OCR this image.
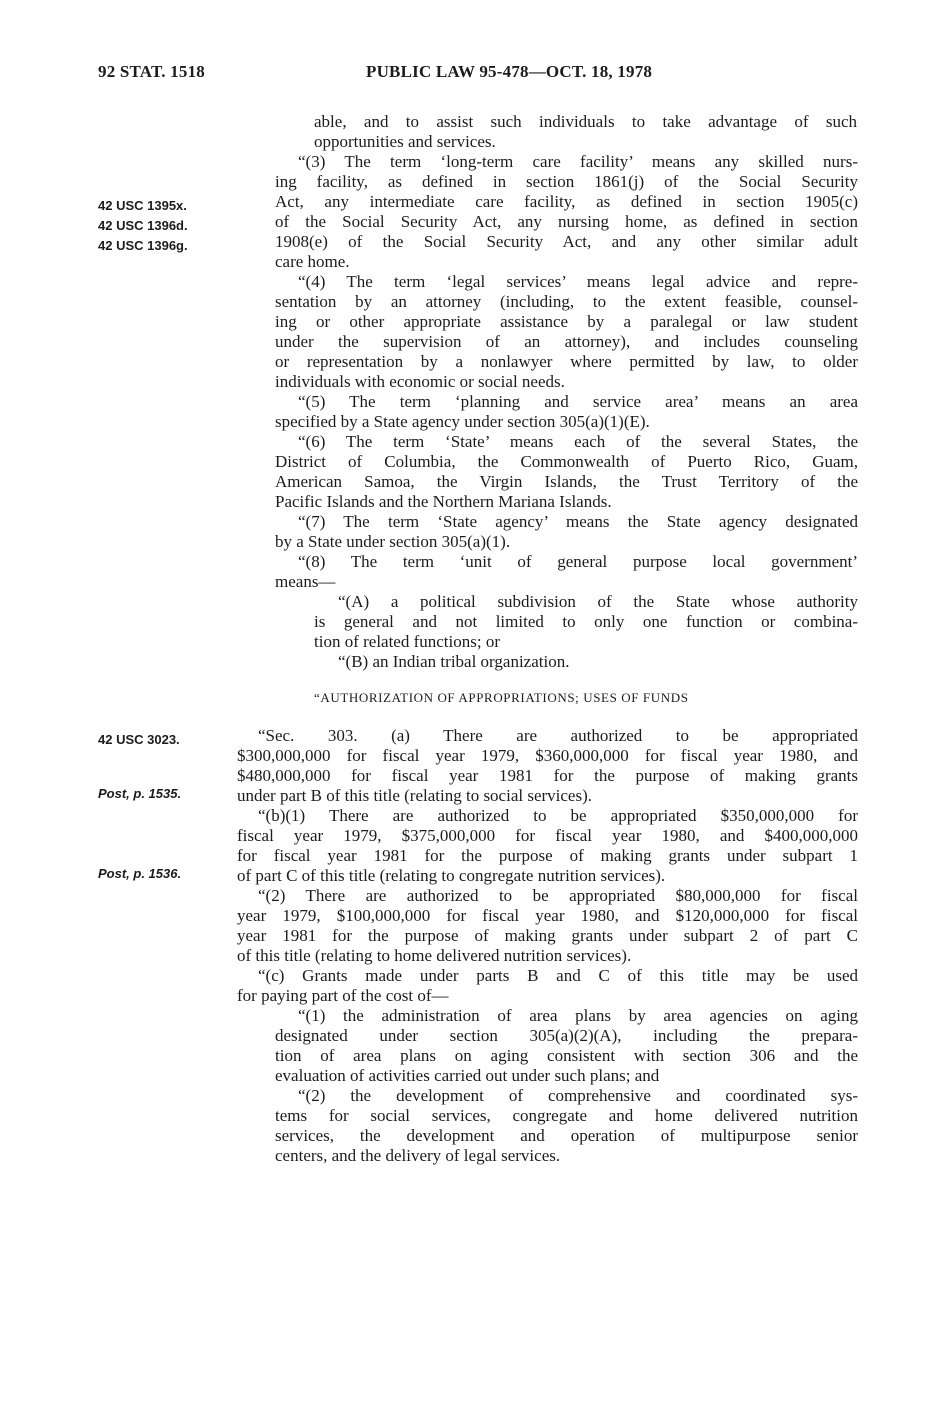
92 STAT. 1518	PUBLIC LAW 95-478—OCT. 18, 1978
42 USC 1395x.
42 USC 1396d.
42 USC 1396g.
42 USC 3023.
Post, p. 1535.
Post, p. 1536.
able, and to assist such individuals to take advantage of such
opportunities and services.
“(3) The term ‘long-term care facility’ means any skilled nurs-
ing facility, as defined in section 1861(j) of the Social Security
Act, any intermediate care facility, as defined in section 1905(c)
of the Social Security Act, any nursing home, as defined in section
1908(e) of the Social Security Act, and any other similar adult
care home.
“(4) The term ‘legal services’ means legal advice and repre-
sentation by an attorney (including, to the extent feasible, counsel-
ing or other appropriate assistance by a paralegal or law student
under the supervision of an attorney), and includes counseling
or representation by a nonlawyer where permitted by law, to older
individuals with economic or social needs.
“(5) The term ‘planning and service area’ means an area
specified by a State agency under section 305(a)(1)(E).
“(6) The term ‘State’ means each of the several States, the
District of Columbia, the Commonwealth of Puerto Rico, Guam,
American Samoa, the Virgin Islands, the Trust Territory of the
Pacific Islands and the Northern Mariana Islands.
“(7) The term ‘State agency’ means the State agency designated
by a State under section 305(a)(1).
“(8) The term ‘unit of general purpose local government’
means—
“(A) a political subdivision of the State whose authority
is general and not limited to only one function or combina-
tion of related functions; or
“(B) an Indian tribal organization.
“AUTHORIZATION OF APPROPRIATIONS; USES OF FUNDS
“Sec. 303. (a) There are authorized to be appropriated
$300,000,000 for fiscal year 1979, $360,000,000 for fiscal year 1980, and
$480,000,000 for fiscal year 1981 for the purpose of making grants
under part B of this title (relating to social services).
“(b)(1) There are authorized to be appropriated $350,000,000 for
fiscal year 1979, $375,000,000 for fiscal year 1980, and $400,000,000
for fiscal year 1981 for the purpose of making grants under subpart 1
of part C of this title (relating to congregate nutrition services).
“(2) There are authorized to be appropriated $80,000,000 for fiscal
year 1979, $100,000,000 for fiscal year 1980, and $120,000,000 for fiscal
year 1981 for the purpose of making grants under subpart 2 of part C
of this title (relating to home delivered nutrition services).
“(c) Grants made under parts B and C of this title may be used
for paying part of the cost of—
“(1) the administration of area plans by area agencies on aging
designated under section 305(a)(2)(A), including the prepara-
tion of area plans on aging consistent with section 306 and the
evaluation of activities carried out under such plans; and
“(2) the development of comprehensive and coordinated sys-
tems for social services, congregate and home delivered nutrition
services, the development and operation of multipurpose senior
centers, and the delivery of legal services.
